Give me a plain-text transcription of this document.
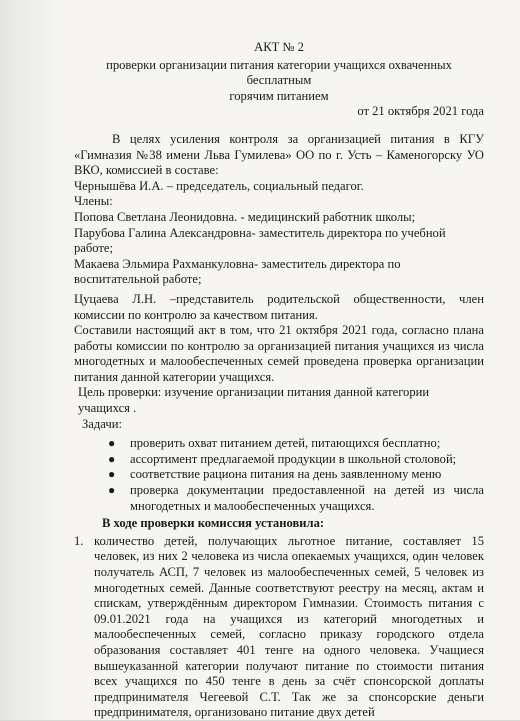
АКТ № 2

проверки организации питания категории учащихся охваченных бесплатным

горячим питанием

от 21 октября 2021 года

В целях усиления контроля за организацией питания в КГУ «Гимназия №38 имени Льва Гумилева» ОО по г. Усть – Каменогорску УО ВКО, комиссией в составе:

Чернышёва И.А. – председатель, социальный педагог.

Члены:

Попова Светлана Леонидовна. - медицинский работник школы;

Парубова Галина Александровна- заместитель директора по учебной работе;

Макаева Эльмира Рахманкуловна- заместитель директора по воспитательной работе;

Цуцаева Л.Н. –представитель родительской общественности, член комиссии по контролю за качеством питания.

Составили настоящий акт в том, что 21 октября 2021 года, согласно плана работы комиссии по контролю за организацией питания учащихся из числа многодетных и малообеспеченных семей проведена проверка организации питания данной категории учащихся.

Цель проверки: изучение организации питания данной категории учащихся .

Задачи:

● проверить охват питанием детей, питающихся бесплатно;
● ассортимент предлагаемой продукции в школьной столовой;
● соответствие рациона питания на день заявленному меню
● проверка документации предоставленной на детей из числа многодетных и малообеспеченных учащихся.

В ходе проверки комиссия установила:

1. количество детей, получающих льготное питание, составляет 15 человек, из них 2 человека из числа опекаемых учащихся, один человек получатель АСП, 7 человек из малообеспеченных семей, 5 человек из многодетных семей. Данные соответствуют реестру на месяц, актам и спискам, утверждённым директором Гимназии. Стоимость питания с 09.01.2021 года на учащихся из категорий многодетных и малообеспеченных семей, согласно приказу городского отдела образования составляет 401 тенге на одного человека. Учащиеся вышеуказанной категории получают питание по стоимости питания всех учащихся по 450 тенге в день за счёт спонсорской доплаты предпринимателя Чегеевой С.Т. Так же за спонсорские деньги предпринимателя, организовано питание двух детей
